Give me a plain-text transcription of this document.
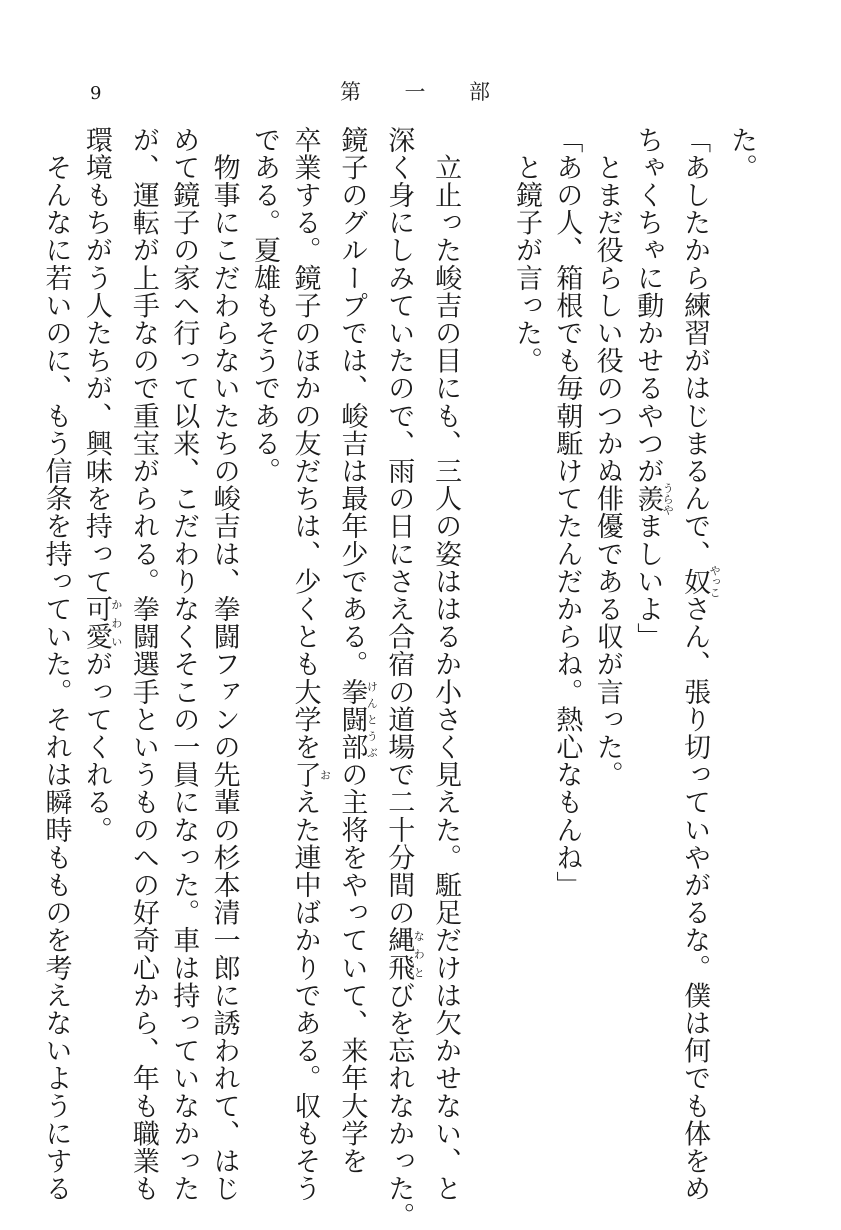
9	第 一 部

た。

「あしたから練習がはじまるんで、奴やっこさん、張り切っていやがるな。僕は何でも体をめ

ちゃくちゃに動かせるやつが羨うらやましいよ」

　とまだ役らしい役のつかぬ俳優である収が言った。

「あの人、箱根でも毎朝駈けてたんだからね。熱心なもんね」

　と鏡子が言った。

　立止った峻吉の目にも、三人の姿ははるか小さく見えた。駈足だけは欠かせない、と

深く身にしみていたので、雨の日にさえ合宿の道場で二十分間の縄飛なわとびを忘れなかった。

鏡子のグループでは、峻吉は最年少である。拳闘部けんとうぶの主将をやっていて、来年大学を

卒業する。鏡子のほかの友だちは、少くとも大学を了おえた連中ばかりである。収もそう

である。夏雄もそうである。

　物事にこだわらないたちの峻吉は、拳闘ファンの先輩の杉本清一郎に誘われて、はじ

めて鏡子の家へ行って以来、こだわりなくそこの一員になった。車は持っていなかった

が、運転が上手なので重宝がられる。拳闘選手というものへの好奇心から、年も職業も

環境もちがう人たちが、興味を持って可愛かわいがってくれる。

　そんなに若いのに、もう信条を持っていた。それは瞬時もものを考えないようにする
